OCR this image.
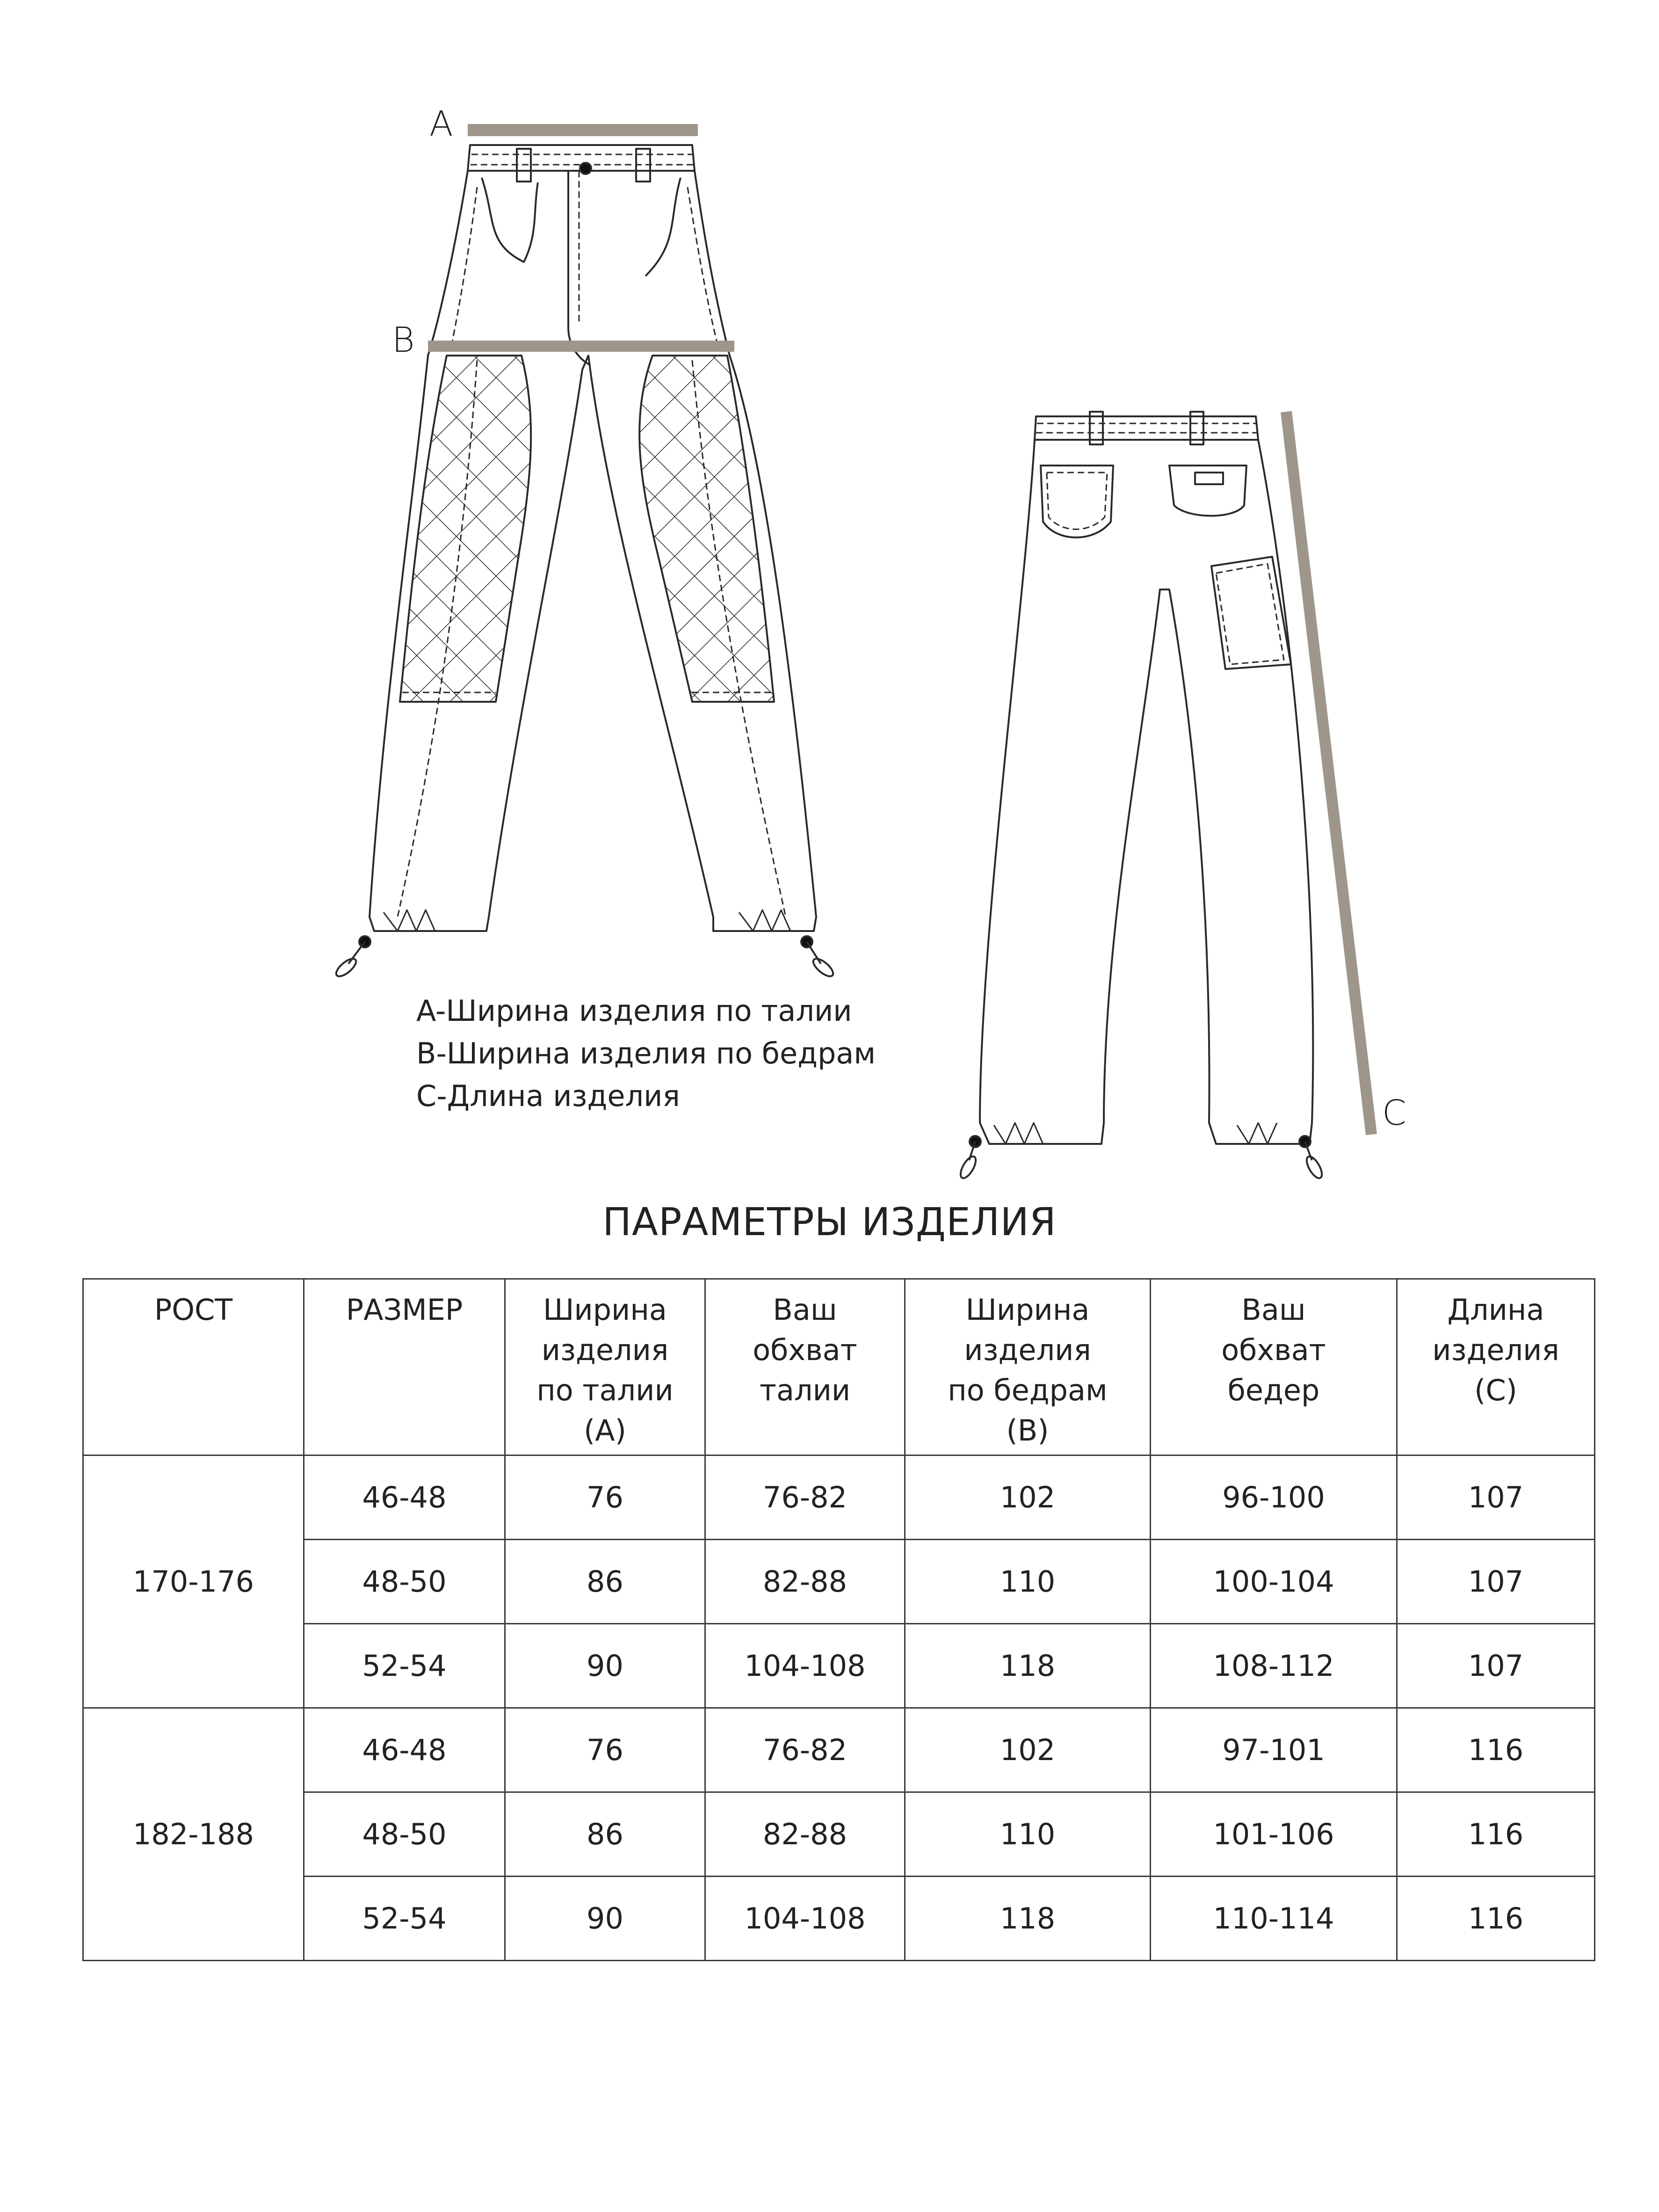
A
B
C
A-Ширина изделия по талии
B-Ширина изделия по бедрам
C-Длина изделия
ПАРАМЕТРЫ ИЗДЕЛИЯ
РОСТ	РАЗМЕР	Ширина изделия по талии (A)	Ваш обхват талии	Ширина изделия по бедрам (B)	Ваш обхват бедер	Длина изделия (C)
170-176	46-48	76	76-82	102	96-100	107
	48-50	86	82-88	110	100-104	107
	52-54	90	104-108	118	108-112	107
182-188	46-48	76	76-82	102	97-101	116
	48-50	86	82-88	110	101-106	116
	52-54	90	104-108	118	110-114	116
